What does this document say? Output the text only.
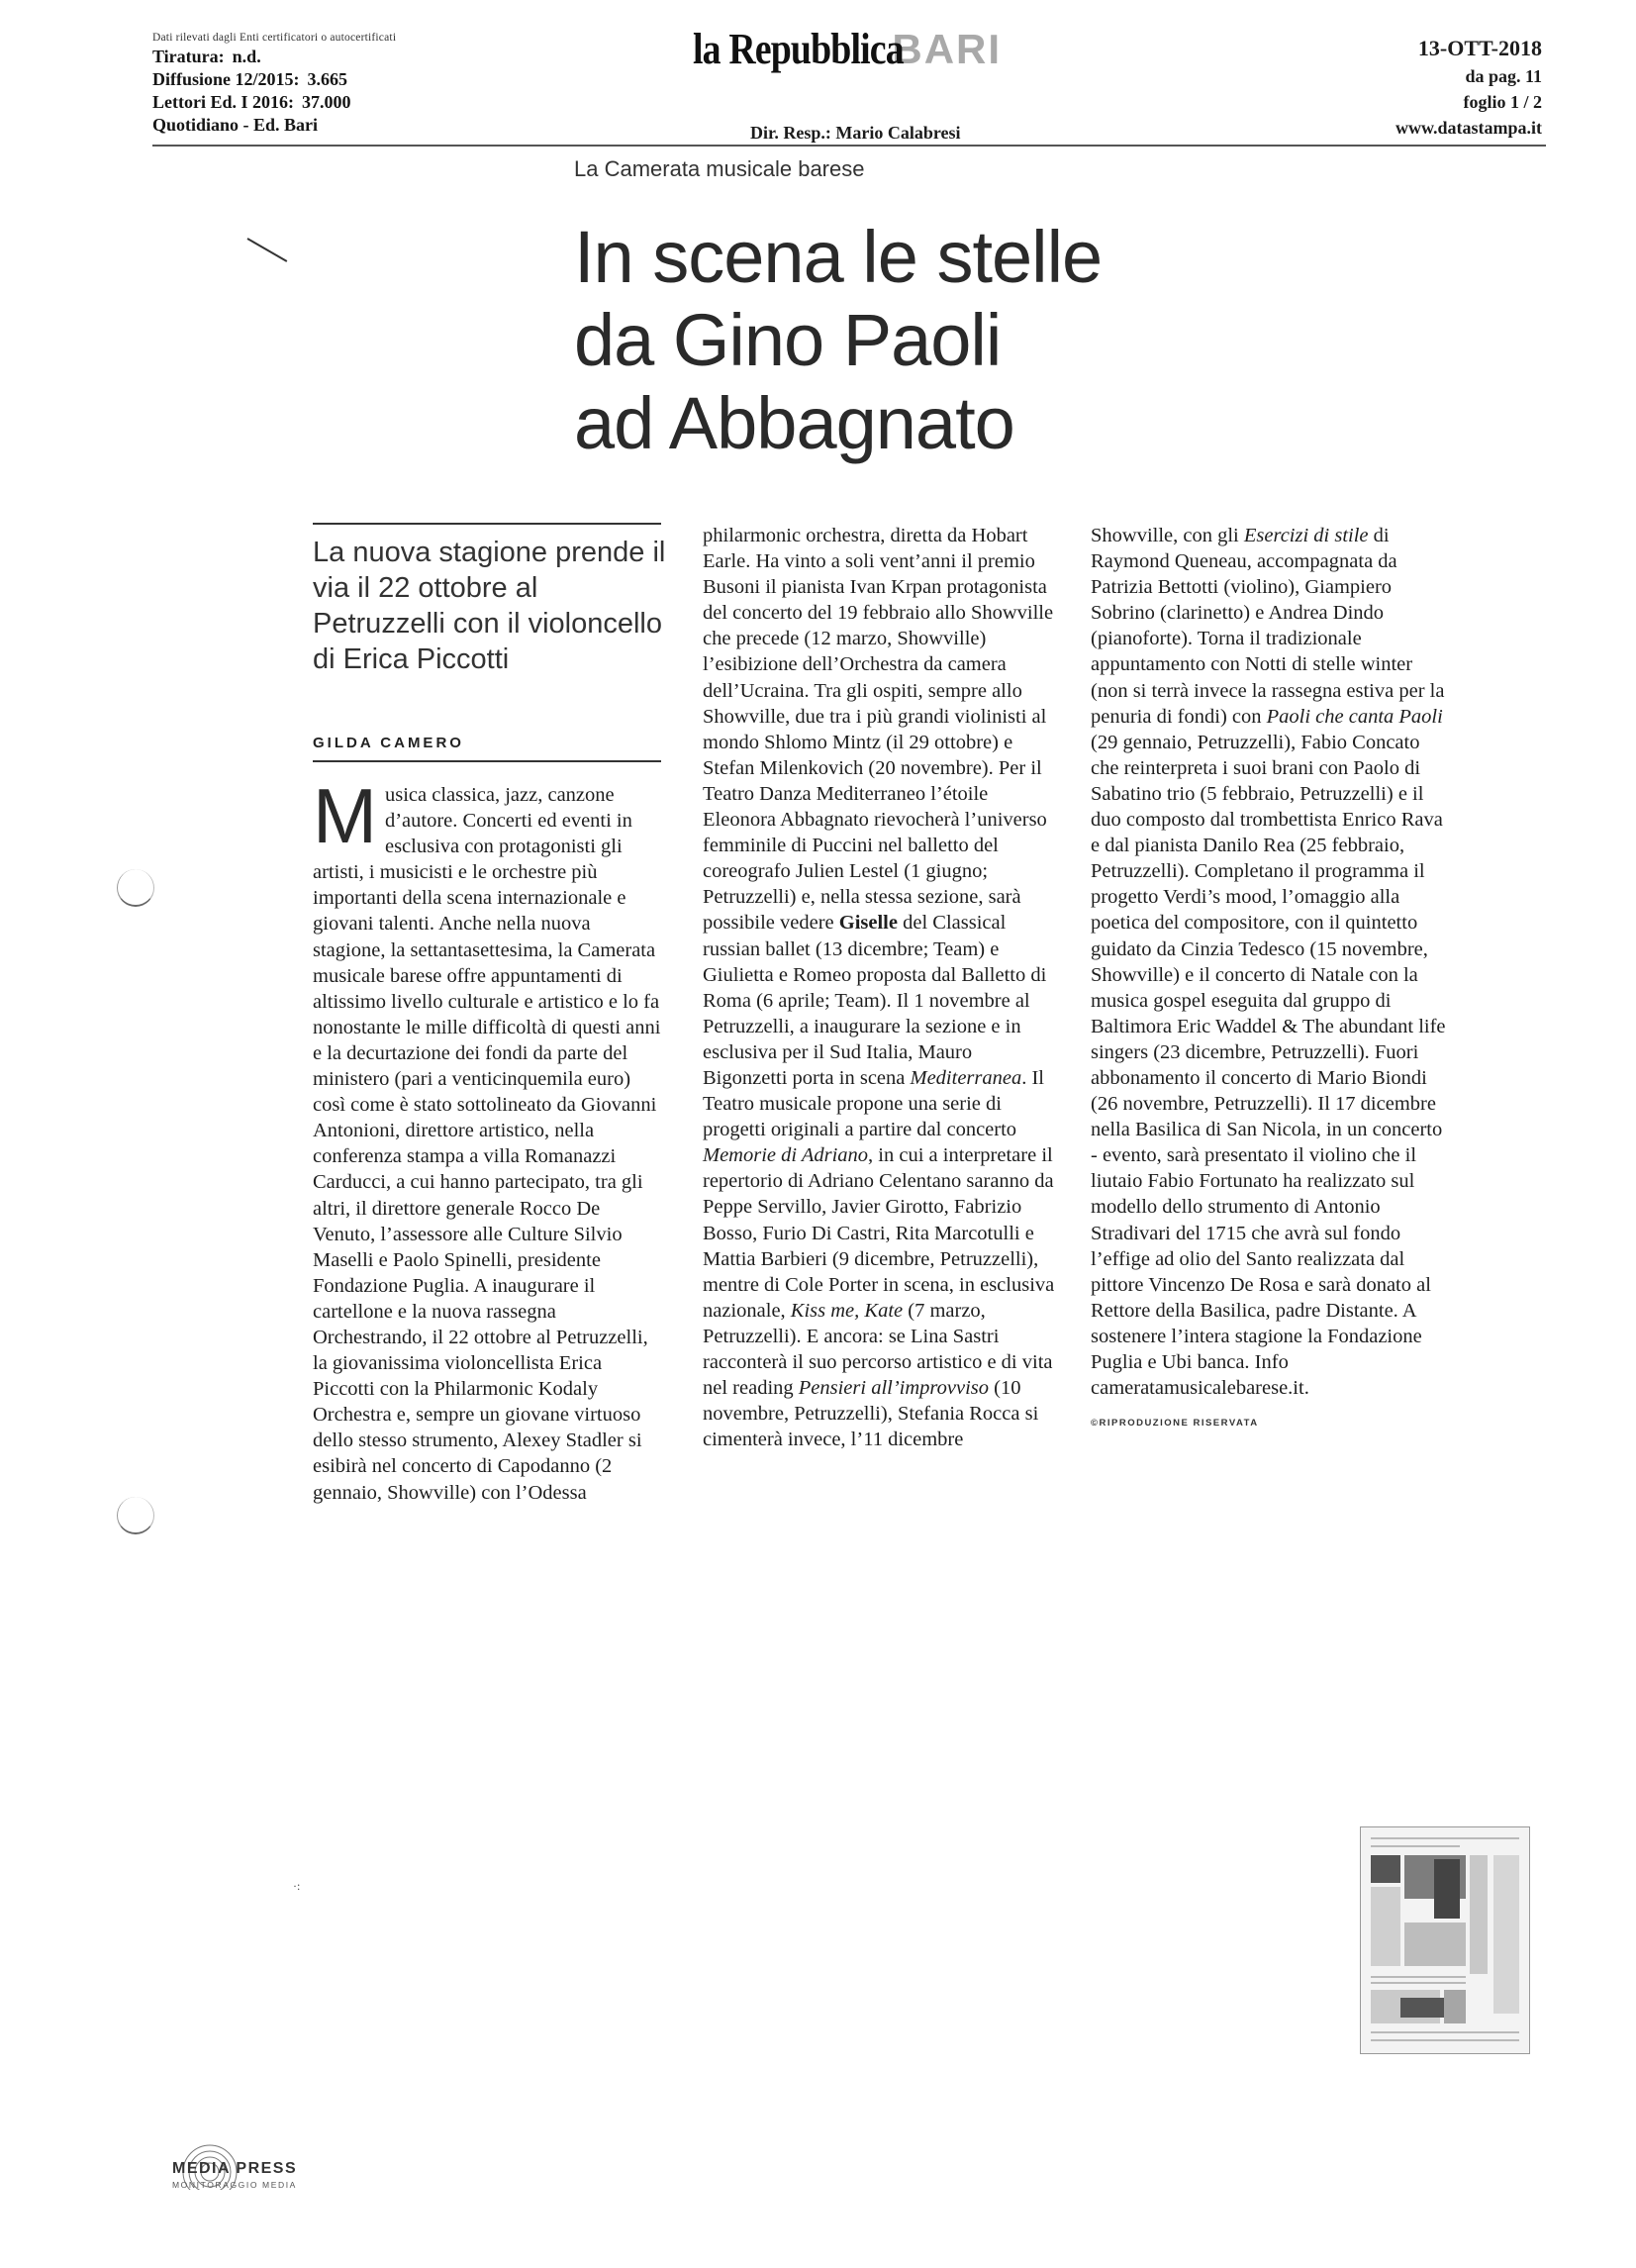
Dati rilevati dagli Enti certificatori o autocertificati
Tiratura: n.d.
Diffusione 12/2015: 3.665
Lettori Ed. I 2016: 37.000
Quotidiano - Ed. Bari
la RepubblicaBARI
Dir. Resp.: Mario Calabresi
13-OTT-2018
da pag. 11
foglio 1 / 2
www.datastampa.it
La Camerata musicale barese
In scena le stelle
da Gino Paoli
ad Abbagnato
La nuova stagione prende il via il 22 ottobre al Petruzzelli con il violoncello di Erica Piccotti
GILDA CAMERO

Musica classica, jazz, canzone d’autore. Concerti ed eventi in esclusiva con protagonisti gli artisti, i musicisti e le orchestre più importanti della scena internazionale e giovani talenti. Anche nella nuova stagione, la settantasettesima, la Camerata musicale barese offre appuntamenti di altissimo livello culturale e artistico e lo fa nonostante le mille difficoltà di questi anni e la decurtazione dei fondi da parte del ministero (pari a venticinquemila euro) così come è stato sottolineato da Giovanni Antonioni, direttore artistico, nella conferenza stampa a villa Romanazzi Carducci, a cui hanno partecipato, tra gli altri, il direttore generale Rocco De Venuto, l’assessore alle Culture Silvio Maselli e Paolo Spinelli, presidente Fondazione Puglia. A inaugurare il cartellone e la nuova rassegna Orchestrando, il 22 ottobre al Petruzzelli, la giovanissima violoncellista Erica Piccotti con la Philarmonic Kodaly Orchestra e, sempre un giovane virtuoso dello stesso strumento, Alexey Stadler si esibirà nel concerto di Capodanno (2 gennaio, Showville) con l’Odessa

philarmonic orchestra, diretta da Hobart Earle. Ha vinto a soli vent’anni il premio Busoni il pianista Ivan Krpan protagonista del concerto del 19 febbraio allo Showville che precede (12 marzo, Showville) l’esibizione dell’Orchestra da camera dell’Ucraina. Tra gli ospiti, sempre allo Showville, due tra i più grandi violinisti al mondo Shlomo Mintz (il 29 ottobre) e Stefan Milenkovich (20 novembre). Per il Teatro Danza Mediterraneo l’étoile Eleonora Abbagnato rievocherà l’universo femminile di Puccini nel balletto del coreografo Julien Lestel (1 giugno; Petruzzelli) e, nella stessa sezione, sarà possibile vedere Giselle del Classical russian ballet (13 dicembre; Team) e Giulietta e Romeo proposta dal Balletto di Roma (6 aprile; Team). Il 1 novembre al Petruzzelli, a inaugurare la sezione e in esclusiva per il Sud Italia, Mauro Bigonzetti porta in scena Mediterranea. Il Teatro musicale propone una serie di progetti originali a partire dal concerto Memorie di Adriano, in cui a interpretare il repertorio di Adriano Celentano saranno da Peppe Servillo, Javier Girotto, Fabrizio Bosso, Furio Di Castri, Rita Marcotulli e Mattia Barbieri (9 dicembre, Petruzzelli), mentre di Cole Porter in scena, in esclusiva nazionale, Kiss me, Kate (7 marzo, Petruzzelli). E ancora: se Lina Sastri racconterà il suo percorso artistico e di vita nel reading Pensieri all’improvviso (10 novembre, Petruzzelli), Stefania Rocca si cimenterà invece, l’11 dicembre

Showville, con gli Esercizi di stile di Raymond Queneau, accompagnata da Patrizia Bettotti (violino), Giampiero Sobrino (clarinetto) e Andrea Dindo (pianoforte). Torna il tradizionale appuntamento con Notti di stelle winter (non si terrà invece la rassegna estiva per la penuria di fondi) con Paoli che canta Paoli (29 gennaio, Petruzzelli), Fabio Concato che reinterpreta i suoi brani con Paolo di Sabatino trio (5 febbraio, Petruzzelli) e il duo composto dal trombettista Enrico Rava e dal pianista Danilo Rea (25 febbraio, Petruzzelli). Completano il programma il progetto Verdi’s mood, l’omaggio alla poetica del compositore, con il quintetto guidato da Cinzia Tedesco (15 novembre, Showville) e il concerto di Natale con la musica gospel eseguita dal gruppo di Baltimora Eric Waddel & The abundant life singers (23 dicembre, Petruzzelli). Fuori abbonamento il concerto di Mario Biondi (26 novembre, Petruzzelli). Il 17 dicembre nella Basilica di San Nicola, in un concerto - evento, sarà presentato il violino che il liutaio Fabio Fortunato ha realizzato sul modello dello strumento di Antonio Stradivari del 1715 che avrà sul fondo l’effige ad olio del Santo realizzata dal pittore Vincenzo De Rosa e sarà donato al Rettore della Basilica, padre Distante. A sostenere l’intera stagione la Fondazione Puglia e Ubi banca. Info cameratamusicalebarese.it.

©RIPRODUZIONE RISERVATA

·:
MEDIA PRESS
MONITORAGGIO MEDIA
